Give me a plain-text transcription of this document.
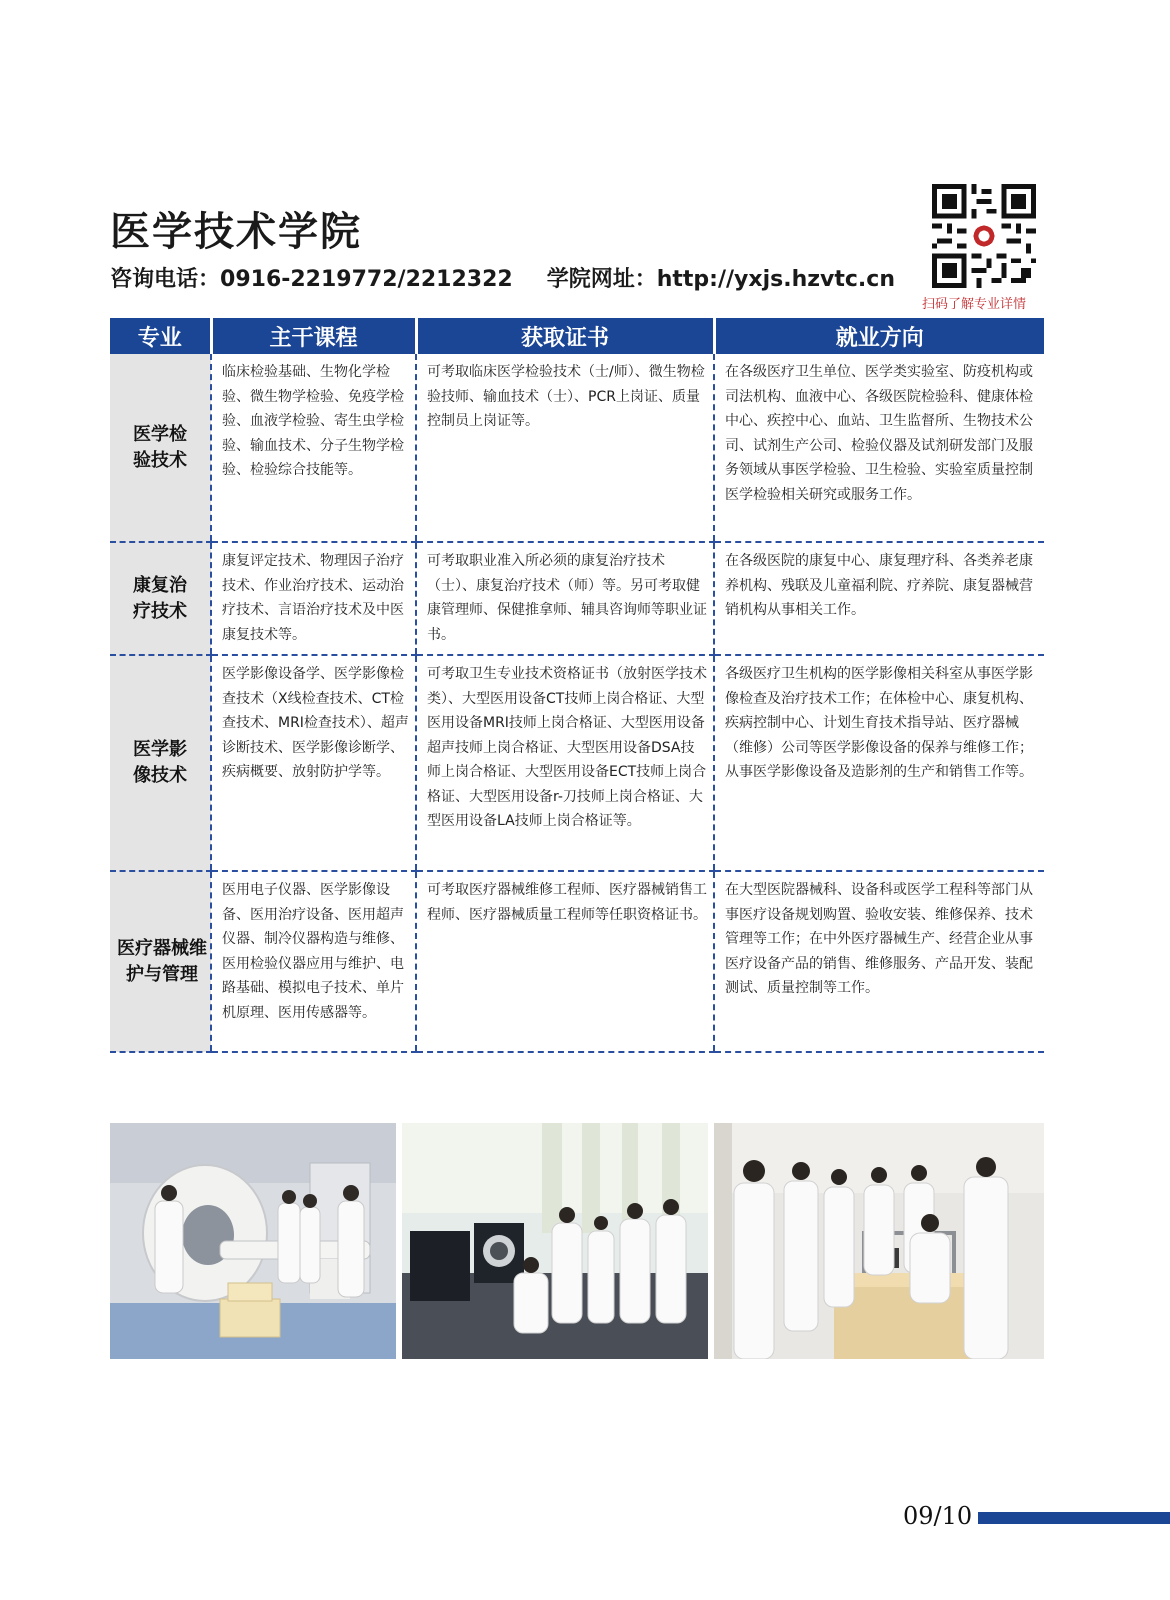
医学技术学院
咨询电话：0916-2219772/2212322 学院网址：http://yxjs.hzvtc.cn
扫码了解专业详情
专业	主干课程	获取证书	就业方向

医学检验技术	临床检验基础、生物化学检验、微生物学检验、免疫学检验、血液学检验、寄生虫学检验、输血技术、分子生物学检验、检验综合技能等。	可考取临床医学检验技术（士/师）、微生物检验技师、输血技术（士）、PCR上岗证、质量控制员上岗证等。	在各级医疗卫生单位、医学类实验室、防疫机构或司法机构、血液中心、各级医院检验科、健康体检中心、疾控中心、血站、卫生监督所、生物技术公司、试剂生产公司、检验仪器及试剂研发部门及服务领域从事医学检验、卫生检验、实验室质量控制医学检验相关研究或服务工作。

康复治疗技术	康复评定技术、物理因子治疗技术、作业治疗技术、运动治疗技术、言语治疗技术及中医康复技术等。	可考取职业准入所必须的康复治疗技术（士）、康复治疗技术（师）等。另可考取健康管理师、保健推拿师、辅具咨询师等职业证书。	在各级医院的康复中心、康复理疗科、各类养老康养机构、残联及儿童福利院、疗养院、康复器械营销机构从事相关工作。

医学影像技术	医学影像设备学、医学影像检查技术（X线检查技术、CT检查技术、MRI检查技术）、超声诊断技术、医学影像诊断学、疾病概要、放射防护学等。	可考取卫生专业技术资格证书（放射医学技术类）、大型医用设备CT技师上岗合格证、大型医用设备MRI技师上岗合格证、大型医用设备超声技师上岗合格证、大型医用设备DSA技师上岗合格证、大型医用设备ECT技师上岗合格证、大型医用设备r-刀技师上岗合格证、大型医用设备LA技师上岗合格证等。	各级医疗卫生机构的医学影像相关科室从事医学影像检查及治疗技术工作；在体检中心、康复机构、疾病控制中心、计划生育技术指导站、医疗器械（维修）公司等医学影像设备的保养与维修工作；从事医学影像设备及造影剂的生产和销售工作等。

医疗器械维护与管理	医用电子仪器、医学影像设备、医用治疗设备、医用超声仪器、制冷仪器构造与维修、医用检验仪器应用与维护、电路基础、模拟电子技术、单片机原理、医用传感器等。	可考取医疗器械维修工程师、医疗器械销售工程师、医疗器械质量工程师等任职资格证书。	在大型医院器械科、设备科或医学工程科等部门从事医疗设备规划购置、验收安装、维修保养、技术管理等工作；在中外医疗器械生产、经营企业从事医疗设备产品的销售、维修服务、产品开发、装配测试、质量控制等工作。
09/10
